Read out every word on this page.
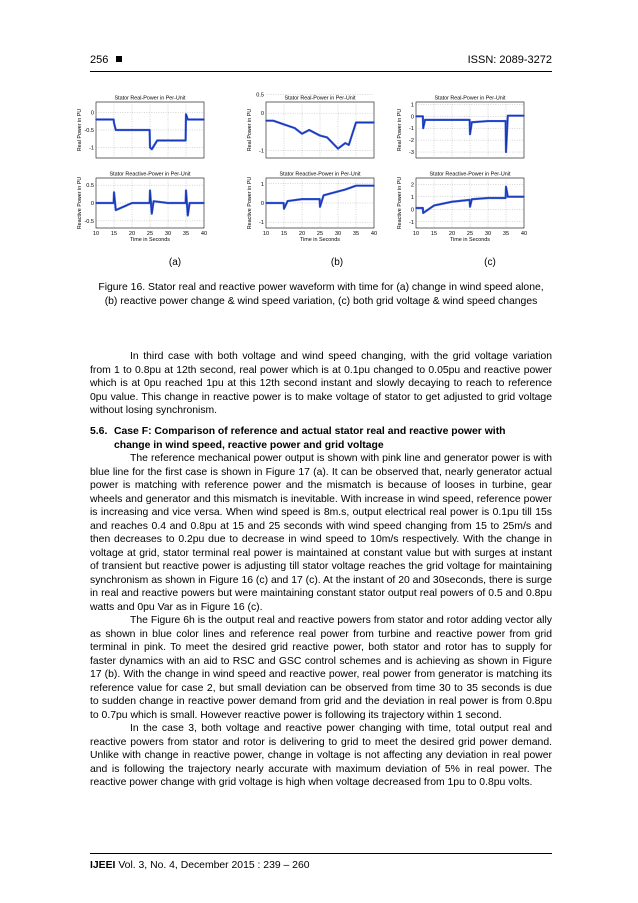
256	ISSN: 2089-3272
Stator Real-Power in Per-Unit
0
-0.5
-1
Real Power in PU
Stator Reactive-Power in Per-Unit
10 15 20 25 30 35 40
0.5
0
-0.5
Reactive Power in PU
Time in Seconds
Stator Real-Power in Per-Unit
0
0.5
-1
Real Power in PU
Stator Reactive-Power in Per-Unit
10 15 20 25 30 35 40
1
0
-1
Reactive Power in PU
Time in Seconds
Stator Real-Power in Per-Unit
1
0
-1
-2
-3
Real Power in PU
Stator Reactive-Power in Per-Unit
10 15 20 25 30 35 40
2
1
0
-1
Reactive Power in PU
Time in Seconds
(a)	(b)	(c)
Figure 16. Stator real and reactive power waveform with time for (a) change in wind speed alone, (b) reactive power change & wind speed variation, (c) both grid voltage & wind speed changes

In third case with both voltage and wind speed changing, with the grid voltage variation from 1 to 0.8pu at 12th second, real power which is at 0.1pu changed to 0.05pu and reactive power which is at 0pu reached 1pu at this 12th second instant and slowly decaying to reach to reference 0pu value. This change in reactive power is to make voltage of stator to get adjusted to grid voltage without losing synchronism.

5.6. Case F: Comparison of reference and actual stator real and reactive power with
change in wind speed, reactive power and grid voltage

The reference mechanical power output is shown with pink line and generator power is with blue line for the first case is shown in Figure 17 (a). It can be observed that, nearly generator actual power is matching with reference power and the mismatch is because of looses in turbine, gear wheels and generator and this mismatch is inevitable. With increase in wind speed, reference power is increasing and vice versa. When wind speed is 8m.s, output electrical real power is 0.1pu till 15s and reaches 0.4 and 0.8pu at 15 and 25 seconds with wind speed changing from 15 to 25m/s and then decreases to 0.2pu due to decrease in wind speed to 10m/s respectively. With the change in voltage at grid, stator terminal real power is maintained at constant value but with surges at instant of transient but reactive power is adjusting till stator voltage reaches the grid voltage for maintaining synchronism as shown in Figure 16 (c) and 17 (c). At the instant of 20 and 30seconds, there is surge in real and reactive powers but were maintaining constant stator output real powers of 0.5 and 0.8pu watts and 0pu Var as in Figure 16 (c).

The Figure 6h is the output real and reactive powers from stator and rotor adding vector ally as shown in blue color lines and reference real power from turbine and reactive power from grid terminal in pink. To meet the desired grid reactive power, both stator and rotor has to supply for faster dynamics with an aid to RSC and GSC control schemes and is achieving as shown in Figure 17 (b). With the change in wind speed and reactive power, real power from generator is matching its reference value for case 2, but small deviation can be observed from time 30 to 35 seconds is due to sudden change in reactive power demand from grid and the deviation in real power is from 0.8pu to 0.7pu which is small. However reactive power is following its trajectory within 1 second.

In the case 3, both voltage and reactive power changing with time, total output real and reactive powers from stator and rotor is delivering to grid to meet the desired grid power demand. Unlike with change in reactive power, change in voltage is not affecting any deviation in real power and is following the trajectory nearly accurate with maximum deviation of 5% in real power. The reactive power change with grid voltage is high when voltage decreased from 1pu to 0.8pu volts.

IJEEI Vol. 3, No. 4, December 2015 : 239 – 260
